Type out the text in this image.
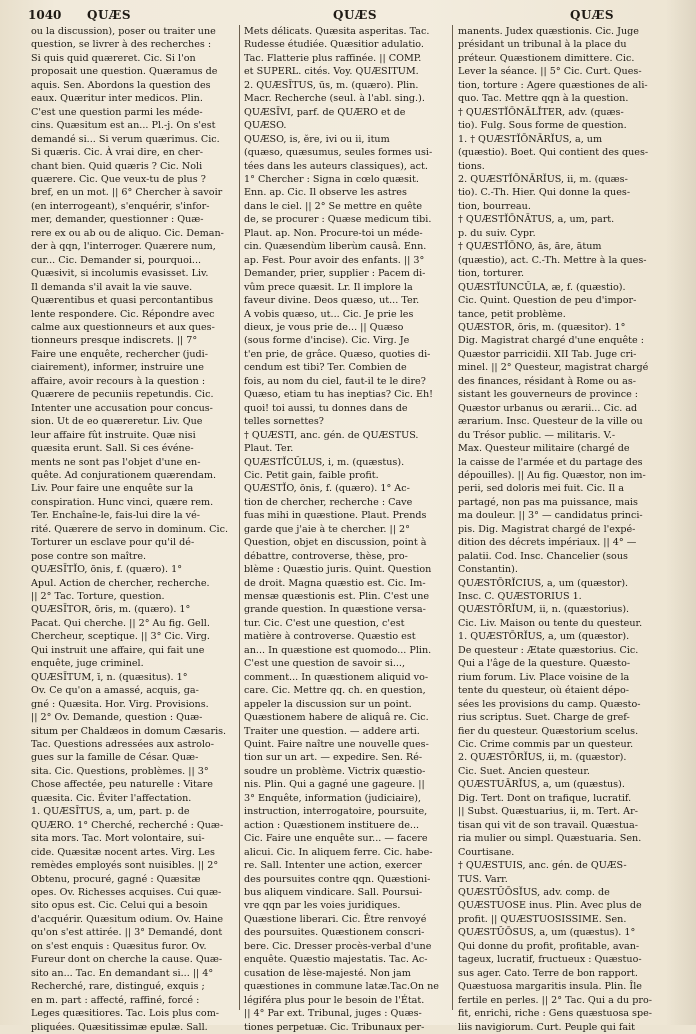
1040 QUÆS	QUÆS	QUÆS

ou la discussion), poser ou traiter une

question, se livrer à des recherches :

Si quis quid quæreret. Cic. Si l'on

proposait une question. Quæramus de

aquis. Sen. Abordons la question des

eaux. Quæritur inter medicos. Plin.

C'est une question parmi les méde-

cins. Quæsitum est an... Pl.-j. On s'est

demandé si... Si verum quærimus. Cic.

Si quæris. Cic. À vrai dire, en cher-

chant bien. Quid quæris ? Cic. Noli

quærere. Cic. Que veux-tu de plus ?

bref, en un mot. || 6° Chercher à savoir

(en interrogeant), s'enquérir, s'infor-

mer, demander, questionner : Quæ-

rere ex ou ab ou de aliquo. Cic. Deman-

der à qqn, l'interroger. Quærere num,

cur... Cic. Demander si, pourquoi...

Quæsivit, si incolumis evasisset. Liv.

Il demanda s'il avait la vie sauve.

Quærentibus et quasi percontantibus

lente respondere. Cic. Répondre avec

calme aux questionneurs et aux ques-

tionneurs presque indiscrets. || 7°

Faire une enquête, rechercher (judi-

ciairement), informer, instruire une

affaire, avoir recours à la question :

Quærere de pecuniis repetundis. Cic.

Intenter une accusation pour concus-

sion. Ut de eo quæreretur. Liv. Que

leur affaire fût instruite. Quæ nisi

quæsita erunt. Sall. Si ces événe-

ments ne sont pas l'objet d'une en-

quête. Ad conjurationem quærendam.

Liv. Pour faire une enquête sur la

conspiration. Hunc vinci, quære rem.

Ter. Enchaîne-le, fais-lui dire la vé-

rité. Quærere de servo in dominum. Cic.

Torturer un esclave pour qu'il dé-

pose contre son maître.

QUÆSĪTĬO, ōnis, f. (quæro). 1°

Apul. Action de chercher, recherche.

|| 2° Tac. Torture, question.

QUÆSĪTOR, ōris, m. (quæro). 1°

Pacat. Qui cherche. || 2° Au fig. Gell.

Chercheur, sceptique. || 3° Cic. Virg.

Qui instruit une affaire, qui fait une

enquête, juge criminel.

QUÆSĪTUM, ī, n. (quæsitus). 1°

Ov. Ce qu'on a amassé, acquis, ga-

gné : Quæsita. Hor. Virg. Provisions.

|| 2° Ov. Demande, question : Quæ-

situm per Chaldæos in domum Cæsaris.

Tac. Questions adressées aux astrolo-

gues sur la famille de César. Quæ-

sita. Cic. Questions, problèmes. || 3°

Chose affectée, peu naturelle : Vitare

quæsita. Cic. Éviter l'affectation.

1. QUÆSĪTUS, a, um, part. p. de

QUÆRO. 1° Cherché, recherché : Quæ-

sita mors. Tac. Mort volontaire, sui-

cide. Quæsitæ nocent artes. Virg. Les

remèdes employés sont nuisibles. || 2°

Obtenu, procuré, gagné : Quæsitæ

opes. Ov. Richesses acquises. Cui quæ-

sito opus est. Cic. Celui qui a besoin

d'acquérir. Quæsitum odium. Ov. Haine

qu'on s'est attirée. || 3° Demandé, dont

on s'est enquis : Quæsitus furor. Ov.

Fureur dont on cherche la cause. Quæ-

sito an... Tac. En demandant si... || 4°

Recherché, rare, distingué, exquis ;

en m. part : affecté, raffiné, forcé :

Leges quæsitiores. Tac. Lois plus com-

pliquées. Quæsitissimæ epulæ. Sall.

Mets délicats. Quæsita asperitas. Tac.

Rudesse étudiée. Quæsitior adulatio.

Tac. Flatterie plus raffinée. || COMP.

et SUPERL. cités. Voy. QUÆSITUM.

2. QUÆSĪTUS, ūs, m. (quæro). Plin.

Macr. Recherche (seul. à l'abl. sing.).

QUÆSĪVI, parf. de QUÆRO et de

QUÆSO.

QUÆSO, is, ĕre, ivi ou ii, itum

(quæso, quæsumus, seules formes usi-

tées dans les auteurs classiques), act.

1° Chercher : Signa in cœlo quæsit.

Enn. ap. Cic. Il observe les astres

dans le ciel. || 2° Se mettre en quête

de, se procurer : Quæse medicum tibi.

Plaut. ap. Non. Procure-toi un méde-

cin. Quæsendùm liberùm causâ. Enn.

ap. Fest. Pour avoir des enfants. || 3°

Demander, prier, supplier : Pacem di-

vûm prece quæsit. Lr. Il implore la

faveur divine. Deos quæso, ut... Ter.

A vobis quæso, ut... Cic. Je prie les

dieux, je vous prie de... || Quæso

(sous forme d'incise). Cic. Virg. Je

t'en prie, de grâce. Quæso, quoties di-

cendum est tibi? Ter. Combien de

fois, au nom du ciel, faut-il te le dire?

Quæso, etiam tu has ineptias? Cic. Eh!

quoi! toi aussi, tu donnes dans de

telles sornettes?

† QUÆSTI, anc. gén. de QUÆSTUS.

Plaut. Ter.

QUÆSTĬCŬLUS, i, m. (quæstus).

Cic. Petit gain, faible profit.

QUÆSTĬO, ōnis, f. (quæro). 1° Ac-

tion de chercher, recherche : Cave

fuas mihi in quæstione. Plaut. Prends

garde que j'aie à te chercher. || 2°

Question, objet en discussion, point à

débattre, controverse, thèse, pro-

blème : Quæstio juris. Quint. Question

de droit. Magna quæstio est. Cic. Im-

mensæ quæstionis est. Plin. C'est une

grande question. In quæstione versa-

tur. Cic. C'est une question, c'est

matière à controverse. Quæstio est

an... In quæstione est quomodo... Plin.

C'est une question de savoir si...,

comment... In quæstionem aliquid vo-

care. Cic. Mettre qq. ch. en question,

appeler la discussion sur un point.

Quæstionem habere de aliquâ re. Cic.

Traiter une question. — addere arti.

Quint. Faire naître une nouvelle ques-

tion sur un art. — expedire. Sen. Ré-

soudre un problème. Victrix quæstio-

nis. Plin. Qui a gagné une gageure. ||

3° Enquête, information (judiciaire),

instruction, interrogatoire, poursuite,

action : Quæstionem instituere de...

Cic. Faire une enquête sur... — facere

alicui. Cic. In aliquem ferre. Cic. habe-

re. Sall. Intenter une action, exercer

des poursuites contre qqn. Quæstioni-

bus aliquem vindicare. Sall. Poursui-

vre qqn par les voies juridiques.

Quæstione liberari. Cic. Être renvoyé

des poursuites. Quæstionem conscri-

bere. Cic. Dresser procès-verbal d'une

enquête. Quæstio majestatis. Tac. Ac-

cusation de lèse-majesté. Non jam

quæstiones in commune latæ.Tac.On ne

légiféra plus pour le besoin de l'État.

|| 4° Par ext. Tribunal, juges : Quæs-

tiones perpetuæ. Cic. Tribunaux per-

manents. Judex quæstionis. Cic. Juge

présidant un tribunal à la place du

préteur. Quæstionem dimittere. Cic.

Lever la séance. || 5° Cic. Curt. Ques-

tion, torture : Agere quæstiones de ali-

quo. Tac. Mettre qqn à la question.

† QUÆSTĬŌNĀLĬTER, adv. (quæs-

tio). Fulg. Sous forme de question.

1. † QUÆSTĬŌNĀRĬUS, a, um

(quæstio). Boet. Qui contient des ques-

tions.

2. QUÆSTĬŌNĀRĬUS, ii, m. (quæs-

tio). C.-Th. Hier. Qui donne la ques-

tion, bourreau.

† QUÆSTĬŌNĀTUS, a, um, part.

p. du suiv. Cypr.

† QUÆSTĬŌNO, ās, āre, ātum

(quæstio), act. C.-Th. Mettre à la ques-

tion, torturer.

QUÆSTĬUNCŬLA, æ, f. (quæstio).

Cic. Quint. Question de peu d'impor-

tance, petit problème.

QUÆSTOR, ōris, m. (quæsitor). 1°

Dig. Magistrat chargé d'une enquête :

Quæstor parricidii. XII Tab. Juge cri-

minel. || 2° Questeur, magistrat chargé

des finances, résidant à Rome ou as-

sistant les gouverneurs de province :

Quæstor urbanus ou ærarii... Cic. ad

ærarium. Insc. Questeur de la ville ou

du Trésor public. — militaris. V.-

Max. Questeur militaire (chargé de

la caisse de l'armée et du partage des

dépouilles). || Au fig. Quæstor, non im-

perii, sed doloris mei fuit. Cic. Il a

partagé, non pas ma puissance, mais

ma douleur. || 3° — candidatus princi-

pis. Dig. Magistrat chargé de l'expé-

dition des décrets impériaux. || 4° —

palatii. Cod. Insc. Chancelier (sous

Constantin).

QUÆSTŌRĬCIUS, a, um (quæstor).

Insc. C. QUÆSTORIUS 1.

QUÆSTŌRĬUM, ii, n. (quæstorius).

Cic. Liv. Maison ou tente du questeur.

1. QUÆSTŌRĬUS, a, um (quæstor).

De questeur : Ætate quæstorius. Cic.

Qui a l'âge de la questure. Quæsto-

rium forum. Liv. Place voisine de la

tente du questeur, où étaient dépo-

sées les provisions du camp. Quæsto-

rius scriptus. Suet. Charge de gref-

fier du questeur. Quæstorium scelus.

Cic. Crime commis par un questeur.

2. QUÆSTŌRĬUS, ii, m. (quæstor).

Cic. Suet. Ancien questeur.

QUÆSTUĀRĬUS, a, um (quæstus).

Dig. Tert. Dont on trafique, lucratif.

|| Subst. Quæstuarius, ii, m. Tert. Ar-

tisan qui vit de son travail. Quæstua-

ria mulier ou simpl. Quæstuaria. Sen.

Courtisane.

† QUÆSTUIS, anc. gén. de QUÆS-

TUS. Varr.

QUÆSTŬŌSĬUS, adv. comp. de

QUÆSTUOSE inus. Plin. Avec plus de

profit. || QUÆSTUOSISSIME. Sen.

QUÆSTŬŌSUS, a, um (quæstus). 1°

Qui donne du profit, profitable, avan-

tageux, lucratif, fructueux : Quæstuo-

sus ager. Cato. Terre de bon rapport.

Quæstuosa margaritis insula. Plin. Île

fertile en perles. || 2° Tac. Qui a du pro-

fit, enrichi, riche : Gens quæstuosa spe-

liis navigiorum. Curt. Peuple qui fait
